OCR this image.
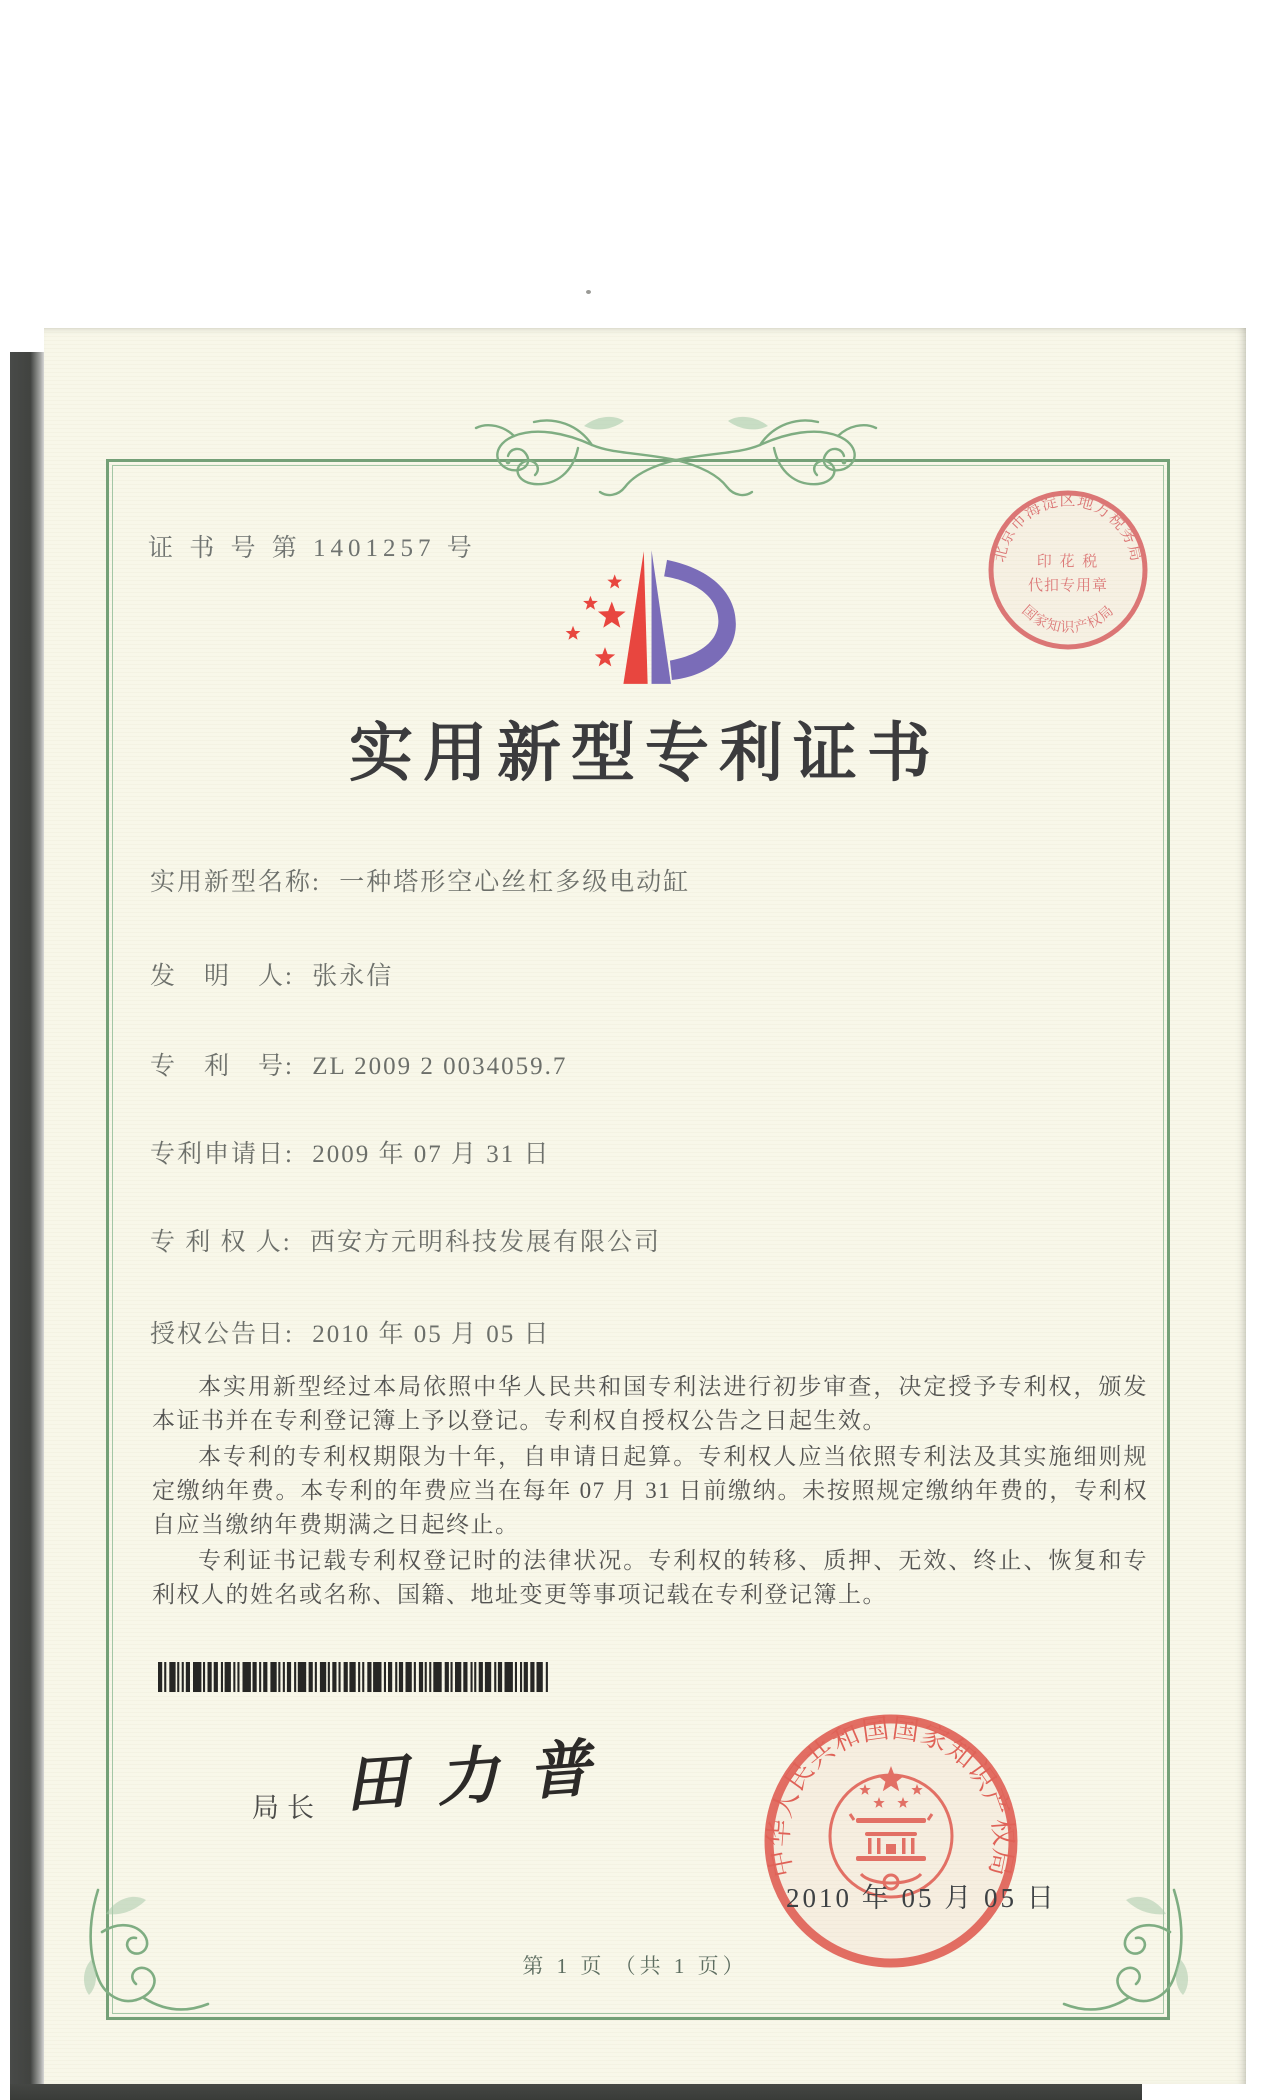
证 书 号 第 1401257 号
实用新型专利证书
北京市海淀区地方税务局
国家知识产权局
印 花 税
代扣专用章
实用新型名称: 一种塔形空心丝杠多级电动缸
发　明　人: 张永信
专　利　号: ZL 2009 2 0034059.7
专利申请日: 2009 年 07 月 31 日
专 利 权 人: 西安方元明科技发展有限公司
授权公告日: 2010 年 05 月 05 日

本实用新型经过本局依照中华人民共和国专利法进行初步审查，决定授予专利权，颁发本证书并在专利登记簿上予以登记。专利权自授权公告之日起生效。

本专利的专利权期限为十年，自申请日起算。专利权人应当依照专利法及其实施细则规定缴纳年费。本专利的年费应当在每年 07 月 31 日前缴纳。未按照规定缴纳年费的，专利权自应当缴纳年费期满之日起终止。

专利证书记载专利权登记时的法律状况。专利权的转移、质押、无效、终止、恢复和专利权人的姓名或名称、国籍、地址变更等事项记载在专利登记簿上。

局长 田力普
中华人民共和国国家知识产权局
2010 年 05 月 05 日
第 1 页 （共 1 页）
